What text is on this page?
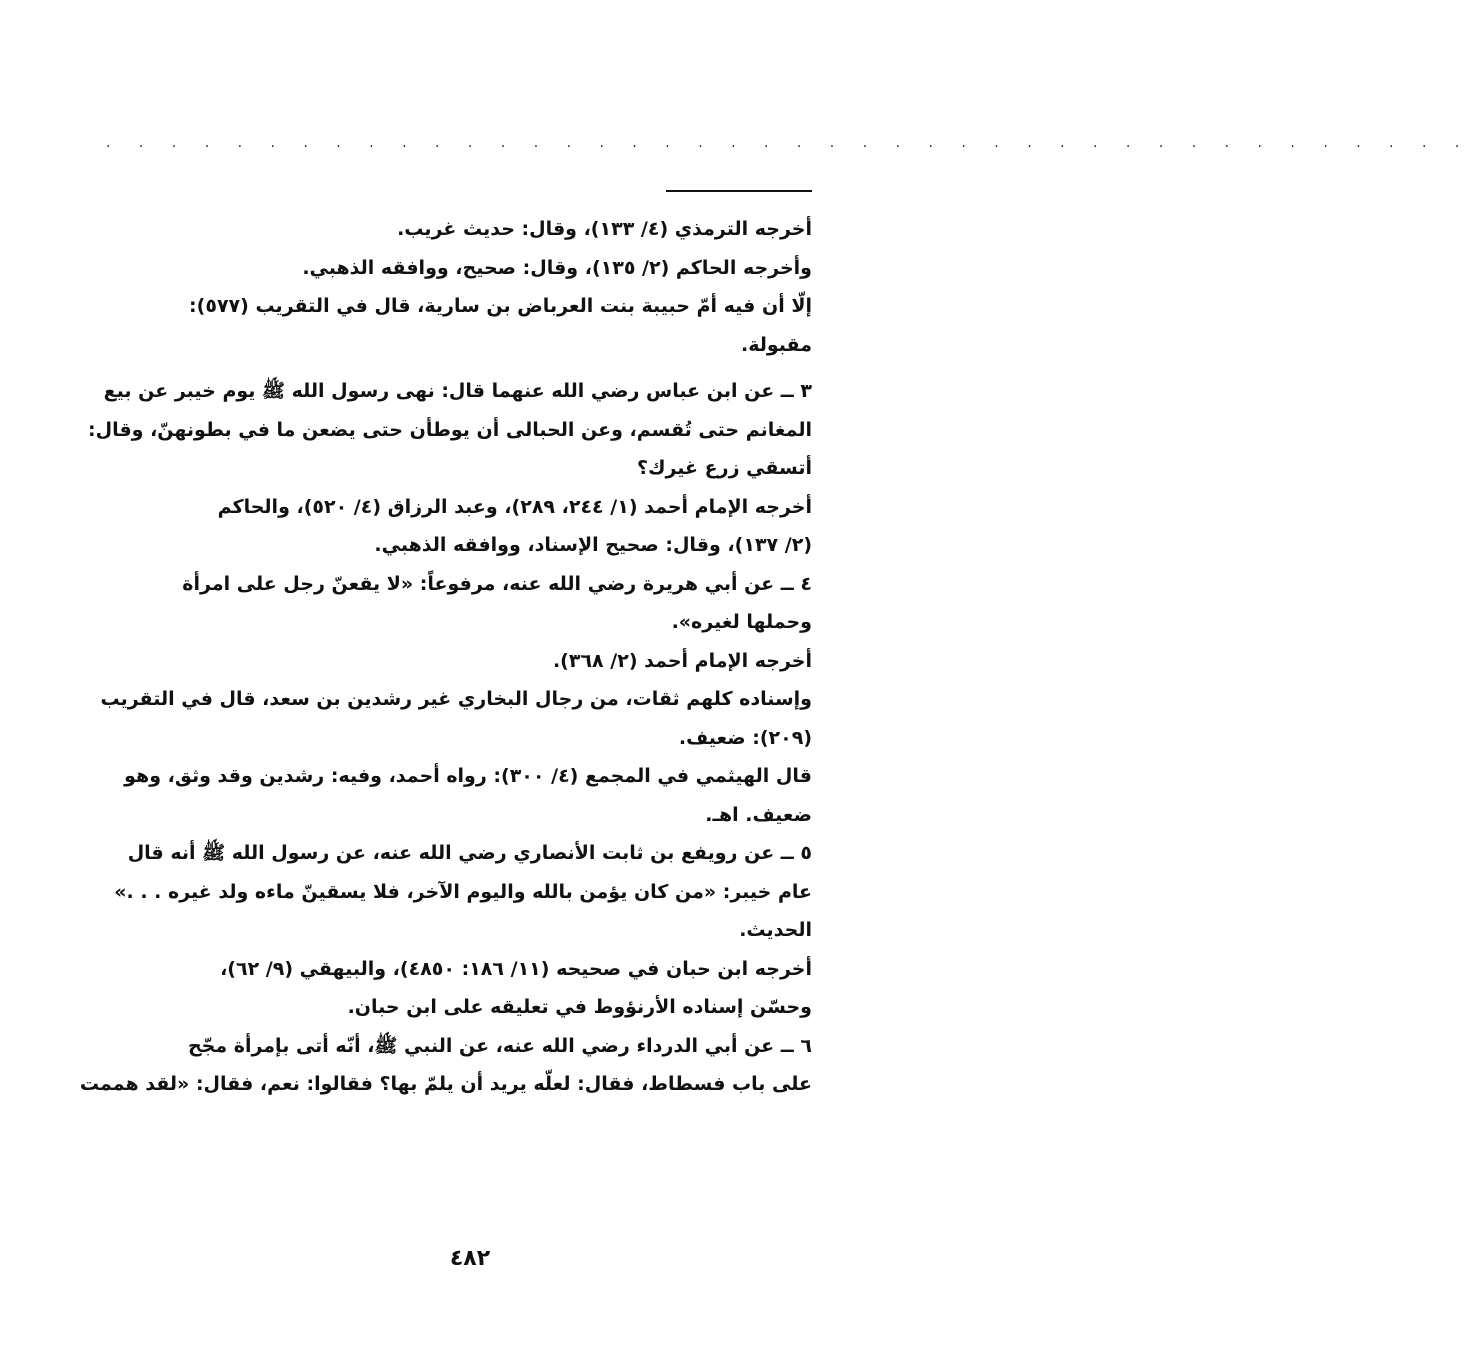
. . . . . . . . . . . . . . . . . . . . . . . . . . . . . . . . . . . . . . . . . .
أخرجه الترمذي (٤/ ١٣٣)، وقال: حديث غريب.
وأخرجه الحاكم (٢/ ١٣٥)، وقال: صحيح، ووافقه الذهبي.
إلّا أن فيه أمّ حبيبة بنت العرباض بن سارية، قال في التقريب (٥٧٧):
مقبولة.
٣ ــ عن ابن عباس رضي الله عنهما قال: نهى رسول الله ﷺ يوم خيبر عن بيع
المغانم حتى تُقسم، وعن الحبالى أن يوطأن حتى يضعن ما في بطونهنّ، وقال:
أتسقي زرع غيرك؟
أخرجه الإمام أحمد (١/ ٢٤٤، ٢٨٩)، وعبد الرزاق (٤/ ٥٢٠)، والحاكم
(٢/ ١٣٧)، وقال: صحيح الإسناد، ووافقه الذهبي.
٤ ــ عن أبي هريرة رضي الله عنه، مرفوعاً: «لا يقعنّ رجل على امرأة
وحملها لغيره».
أخرجه الإمام أحمد (٢/ ٣٦٨).
وإسناده كلهم ثقات، من رجال البخاري غير رشدين بن سعد، قال في التقريب
(٢٠٩): ضعيف.
قال الهيثمي في المجمع (٤/ ٣٠٠): رواه أحمد، وفيه: رشدين وقد وثق، وهو
ضعيف. اهـ.
٥ ــ عن رويفع بن ثابت الأنصاري رضي الله عنه، عن رسول الله ﷺ أنه قال
عام خيبر: «من كان يؤمن بالله واليوم الآخر، فلا يسقينّ ماءه ولد غيره . . .»
الحديث.
أخرجه ابن حبان في صحيحه (١١/ ١٨٦: ٤٨٥٠)، والبيهقي (٩/ ٦٢)،
وحسّن إسناده الأرنؤوط في تعليقه على ابن حبان.
٦ ــ عن أبي الدرداء رضي الله عنه، عن النبي ﷺ، أنّه أتى بإمرأة مجّح
على باب فسطاط، فقال: لعلّه يريد أن يلمّ بها؟ فقالوا: نعم، فقال: «لقد هممت
٤٨٢
